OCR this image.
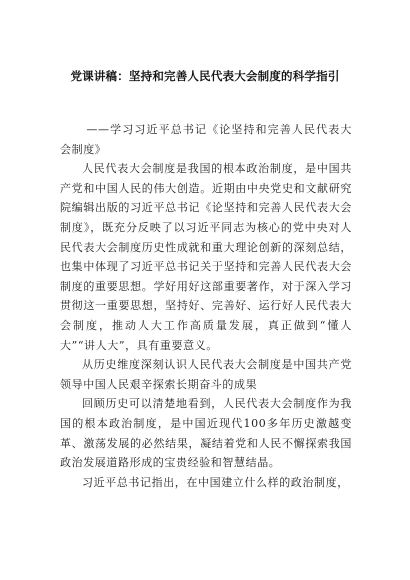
党课讲稿：坚持和完善人民代表大会制度的科学指引

——学习习近平总书记《论坚持和完善人民代表大会制度》

人民代表大会制度是我国的根本政治制度，是中国共产党和中国人民的伟大创造。近期由中央党史和文献研究院编辑出版的习近平总书记《论坚持和完善人民代表大会制度》，既充分反映了以习近平同志为核心的党中央对人民代表大会制度历史性成就和重大理论创新的深刻总结，也集中体现了习近平总书记关于坚持和完善人民代表大会制度的重要思想。学好用好这部重要著作，对于深入学习贯彻这一重要思想，坚持好、完善好、运行好人民代表大会制度，推动人大工作高质量发展，真正做到“懂人大”“讲人大”，具有重要意义。

从历史维度深刻认识人民代表大会制度是中国共产党领导中国人民艰辛探索长期奋斗的成果

回顾历史可以清楚地看到，人民代表大会制度作为我国的根本政治制度，是中国近现代100多年历史激越变革、激荡发展的必然结果，凝结着党和人民不懈探索我国政治发展道路形成的宝贵经验和智慧结晶。

习近平总书记指出，在中国建立什么样的政治制度，
